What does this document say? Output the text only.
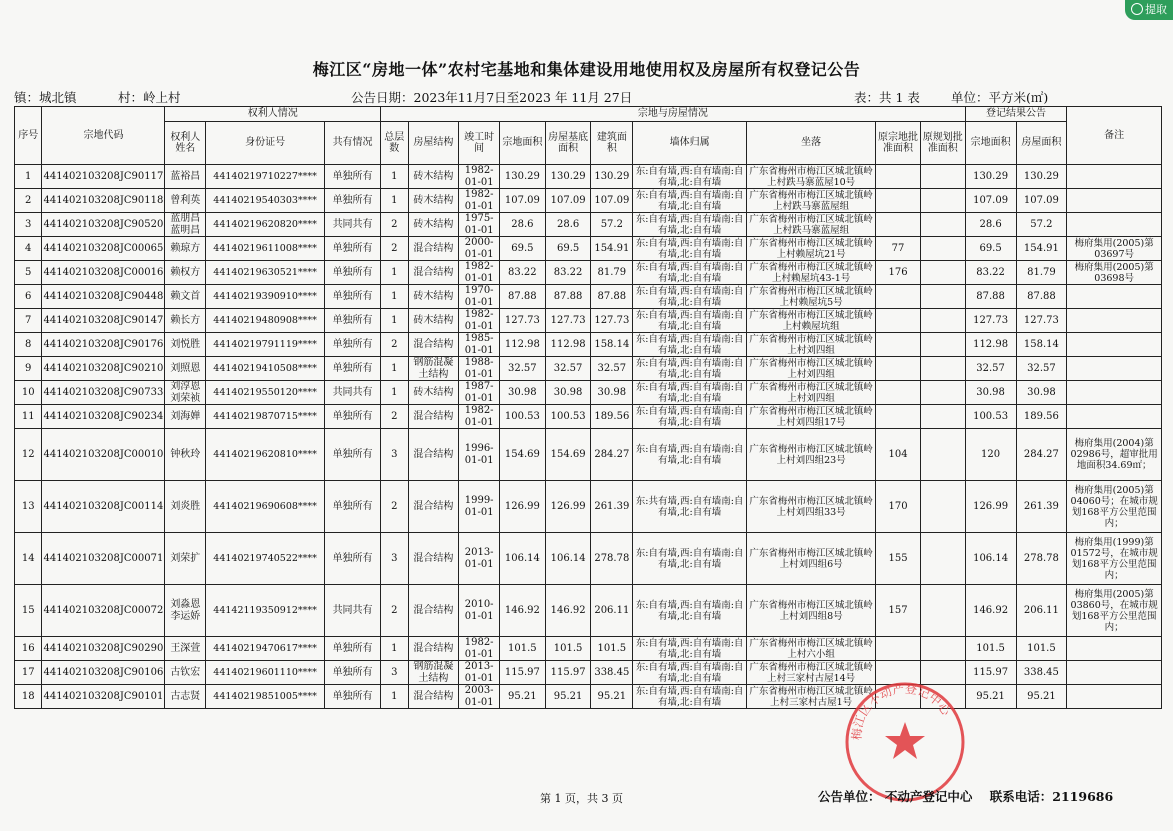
提取
梅江区“房地一体”农村宅基地和集体建设用地使用权及房屋所有权登记公告
镇：城北镇	村：岭上村	公告日期：2023年11月7日至2023 年 11月 27日	表：共 1 表 单位：平方米(㎡)
序号	宗地代码	权利人情况			宗地与房屋情况										登记结果公告		备注
		权利人姓名	身份证号	共有情况	总层数	房屋结构	竣工时间	宗地面积	房屋基底面积	建筑面积	墙体归属	坐落	原宗地批准面积	原规划批准面积	宗地面积	房屋面积	
1	441402103208JC90117	蓝裕昌	44140219710227****	单独所有	1	砖木结构	1982-01-01	130.29	130.29	130.29	东:自有墙,西:自有墙南:自有墙,北:自有墙	广东省梅州市梅江区城北镇岭上村跌马寨蓝屋10号			130.29	130.29	
2	441402103208JC90118	曾利英	44140219540303****	单独所有	1	砖木结构	1982-01-01	107.09	107.09	107.09	东:自有墙,西:自有墙南:自有墙,北:自有墙	广东省梅州市梅江区城北镇岭上村跌马寨蓝屋组			107.09	107.09	
3	441402103208JC90520	蓝朋昌 蓝明昌	44140219620820****	共同共有	2	砖木结构	1975-01-01	28.6	28.6	57.2	东:自有墙,西:自有墙南:自有墙,北:自有墙	广东省梅州市梅江区城北镇岭上村跌马寨蓝屋组			28.6	57.2	
4	441402103208JC00065	赖琼方	44140219611008****	单独所有	2	混合结构	2000-01-01	69.5	69.5	154.91	东:自有墙,西:自有墙南:自有墙,北:自有墙	广东省梅州市梅江区城北镇岭上村赖屋坑21号	77		69.5	154.91	梅府集用(2005)第03697号
5	441402103208JC00016	赖权方	44140219630521****	单独所有	1	混合结构	1982-01-01	83.22	83.22	81.79	东:自有墙,西:自有墙南:自有墙,北:自有墙	广东省梅州市梅江区城北镇岭上村赖屋坑43-1号	176		83.22	81.79	梅府集用(2005)第03698号
6	441402103208JC90448	赖文首	44140219390910****	单独所有	1	砖木结构	1970-01-01	87.88	87.88	87.88	东:自有墙,西:自有墙南:自有墙,北:自有墙	广东省梅州市梅江区城北镇岭上村赖屋坑5号			87.88	87.88	
7	441402103208JC90147	赖长方	44140219480908****	单独所有	1	砖木结构	1982-01-01	127.73	127.73	127.73	东:自有墙,西:自有墙南:自有墙,北:自有墙	广东省梅州市梅江区城北镇岭上村赖屋坑组			127.73	127.73	
8	441402103208JC90176	刘悦胜	44140219791119****	单独所有	2	混合结构	1985-01-01	112.98	112.98	158.14	东:自有墙,西:自有墙南:自有墙,北:自有墙	广东省梅州市梅江区城北镇岭上村刘四组			112.98	158.14	
9	441402103208JC90210	刘照恩	44140219410508****	单独所有	1	钢筋混凝土结构	1988-01-01	32.57	32.57	32.57	东:自有墙,西:自有墙南:自有墙,北:自有墙	广东省梅州市梅江区城北镇岭上村刘四组			32.57	32.57	
10	441402103208JC90733	刘淳恩 刘荣祯	44140219550120****	共同共有	1	砖木结构	1987-01-01	30.98	30.98	30.98	东:自有墙,西:自有墙南:自有墙,北:自有墙	广东省梅州市梅江区城北镇岭上村刘四组			30.98	30.98	
11	441402103208JC90234	刘海婵	44140219870715****	单独所有	2	混合结构	1982-01-01	100.53	100.53	189.56	东:自有墙,西:自有墙南:自有墙,北:自有墙	广东省梅州市梅江区城北镇岭上村刘四组17号			100.53	189.56	
12	441402103208JC00010	钟秋玲	44140219620810****	单独所有	3	混合结构	1996-01-01	154.69	154.69	284.27	东:自有墙,西:自有墙南:自有墙,北:自有墙	广东省梅州市梅江区城北镇岭上村刘四组23号	104		120	284.27	梅府集用(2004)第02986号，超审批用地面积34.69㎡；
13	441402103208JC00114	刘炎胜	44140219690608****	单独所有	2	混合结构	1999-01-01	126.99	126.99	261.39	东:共有墙,西:自有墙南:自有墙,北:自有墙	广东省梅州市梅江区城北镇岭上村刘四组33号	170		126.99	261.39	梅府集用(2005)第04060号；在城市规划168平方公里范围内；
14	441402103208JC00071	刘荣扩	44140219740522****	单独所有	3	混合结构	2013-01-01	106.14	106.14	278.78	东:自有墙,西:自有墙南:自有墙,北:自有墙	广东省梅州市梅江区城北镇岭上村刘四组6号	155		106.14	278.78	梅府集用(1999)第01572号，在城市规划168平方公里范围内；
15	441402103208JC00072	刘淼恩 李运娇	44142119350912****	共同共有	2	混合结构	2010-01-01	146.92	146.92	206.11	东:自有墙,西:自有墙南:自有墙,北:自有墙	广东省梅州市梅江区城北镇岭上村刘四组8号	157		146.92	206.11	梅府集用(2005)第03860号，在城市规划168平方公里范围内；
16	441402103208JC90290	王深萱	44140219470617****	单独所有	1	混合结构	1982-01-01	101.5	101.5	101.5	东:自有墙,西:自有墙南:自有墙,北:自有墙	广东省梅州市梅江区城北镇岭上村六小组			101.5	101.5	
17	441402103208JC90106	古钦宏	44140219601110****	单独所有	3	钢筋混凝土结构	2013-01-01	115.97	115.97	338.45	东:自有墙,西:自有墙南:自有墙,北:自有墙	广东省梅州市梅江区城北镇岭上村三家村古屋14号			115.97	338.45	
18	441402103208JC90101	古志贤	44140219851005****	单独所有	1	混合结构	2003-01-01	95.21	95.21	95.21	东:自有墙,西:自有墙南:自有墙,北:自有墙	广东省梅州市梅江区城北镇岭上村三家村古屋1号			95.21	95.21	
梅江区不动产登记中心
第 1 页，共 3 页	公告单位： 不动产登记中心 联系电话：2119686
